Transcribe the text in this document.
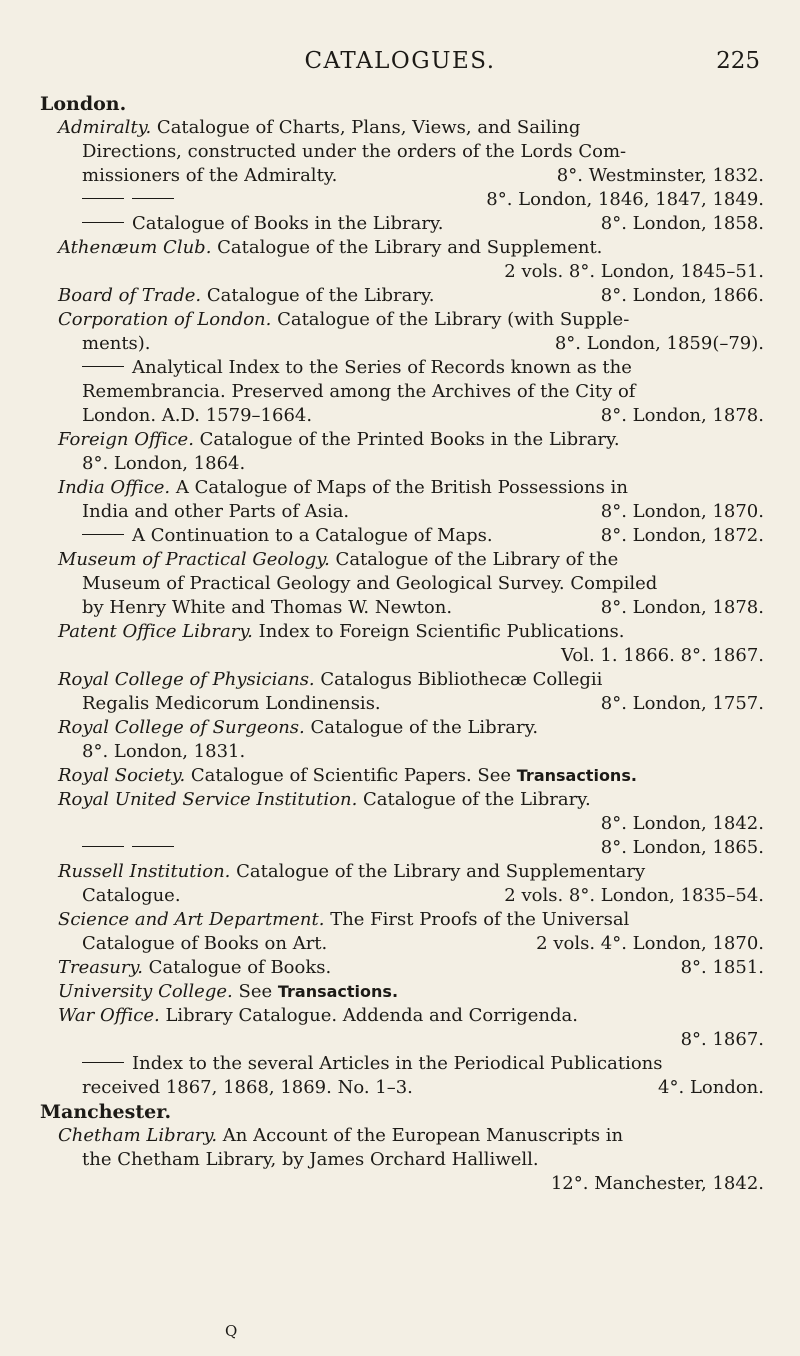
CATALOGUES.	225
London.
Admiralty. Catalogue of Charts, Plans, Views, and Sailing
Directions, constructed under the orders of the Lords Com-
missioners of the Admiralty.	8°. Westminster, 1832.
8°. London, 1846, 1847, 1849.
Catalogue of Books in the Library.	8°. London, 1858.
Athenæum Club. Catalogue of the Library and Supplement.
2 vols. 8°. London, 1845–51.
Board of Trade. Catalogue of the Library.	8°. London, 1866.
Corporation of London. Catalogue of the Library (with Supple-
ments).	8°. London, 1859(–79).
Analytical Index to the Series of Records known as the
Remembrancia. Preserved among the Archives of the City of
London. A.D. 1579–1664.	8°. London, 1878.
Foreign Office. Catalogue of the Printed Books in the Library.
8°. London, 1864.
India Office. A Catalogue of Maps of the British Possessions in
India and other Parts of Asia.	8°. London, 1870.
A Continuation to a Catalogue of Maps.	8°. London, 1872.
Museum of Practical Geology. Catalogue of the Library of the
Museum of Practical Geology and Geological Survey. Compiled
by Henry White and Thomas W. Newton.	8°. London, 1878.
Patent Office Library. Index to Foreign Scientific Publications.
Vol. 1. 1866. 8°. 1867.
Royal College of Physicians. Catalogus Bibliothecæ Collegii
Regalis Medicorum Londinensis.	8°. London, 1757.
Royal College of Surgeons. Catalogue of the Library.
8°. London, 1831.
Royal Society. Catalogue of Scientific Papers. See Transactions.
Royal United Service Institution. Catalogue of the Library.
8°. London, 1842.
8°. London, 1865.
Russell Institution. Catalogue of the Library and Supplementary
Catalogue.	2 vols. 8°. London, 1835–54.
Science and Art Department. The First Proofs of the Universal
Catalogue of Books on Art.	2 vols. 4°. London, 1870.
Treasury. Catalogue of Books.	8°. 1851.
University College. See Transactions.
War Office. Library Catalogue. Addenda and Corrigenda.
8°. 1867.
Index to the several Articles in the Periodical Publications
received 1867, 1868, 1869. No. 1–3.	4°. London.
Manchester.
Chetham Library. An Account of the European Manuscripts in
the Chetham Library, by James Orchard Halliwell.
12°. Manchester, 1842.
Q
